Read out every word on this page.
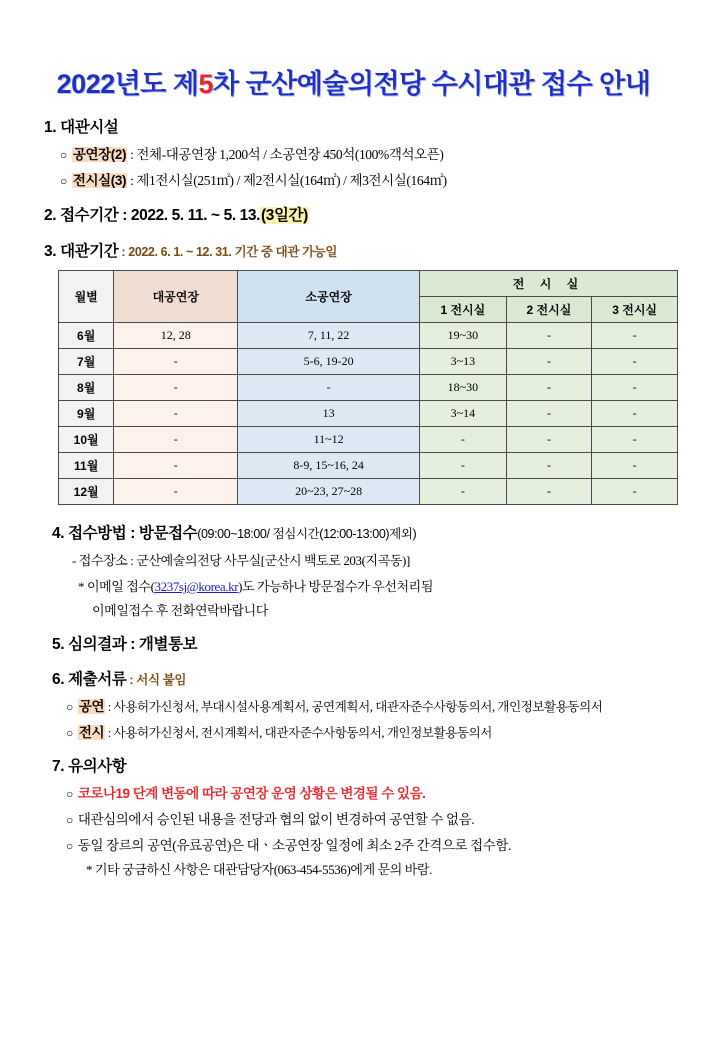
2022년도 제5차 군산예술의전당 수시대관 접수 안내
1. 대관시설
○ 공연장(2) : 전체-대공연장 1,200석 / 소공연장 450석(100%객석오픈)
○ 전시실(3) : 제1전시실(251㎡) / 제2전시실(164㎡) / 제3전시실(164㎡)
2. 접수기간 : 2022. 5. 11. ~ 5. 13.(3일간)
3. 대관기간 : 2022. 6. 1. ~ 12. 31. 기간 중 대관 가능일
월별	대공연장	소공연장	전 시 실		
			1 전시실	2 전시실	3 전시실
6월	12, 28	7, 11, 22	19~30	-	-
7월	-	5-6, 19-20	3~13	-	-
8월	-	-	18~30	-	-
9월	-	13	3~14	-	-
10월	-	11~12	-	-	-
11월	-	8-9, 15~16, 24	-	-	-
12월	-	20~23, 27~28	-	-	-
4. 접수방법 : 방문접수(09:00~18:00/ 점심시간(12:00-13:00)제외)
- 접수장소 : 군산예술의전당 사무실[군산시 백토로 203(지곡동)]
* 이메일 접수(3237sj@korea.kr)도 가능하나 방문접수가 우선처리됨
이메일접수 후 전화연락바랍니다
5. 심의결과 : 개별통보
6. 제출서류 : 서식 붙임
○ 공연 : 사용허가신청서, 부대시설사용계획서, 공연계획서, 대관자준수사항동의서, 개인정보활용동의서
○ 전시 : 사용허가신청서, 전시계획서, 대관자준수사항동의서, 개인정보활용동의서
7. 유의사항
○ 코로나19 단계 변동에 따라 공연장 운영 상황은 변경될 수 있음.
○ 대관심의에서 승인된 내용을 전당과 협의 없이 변경하여 공연할 수 없음.
○ 동일 장르의 공연(유료공연)은 대ㆍ소공연장 일정에 최소 2주 간격으로 접수함.
* 기타 궁금하신 사항은 대관담당자(063-454-5536)에게 문의 바람.
